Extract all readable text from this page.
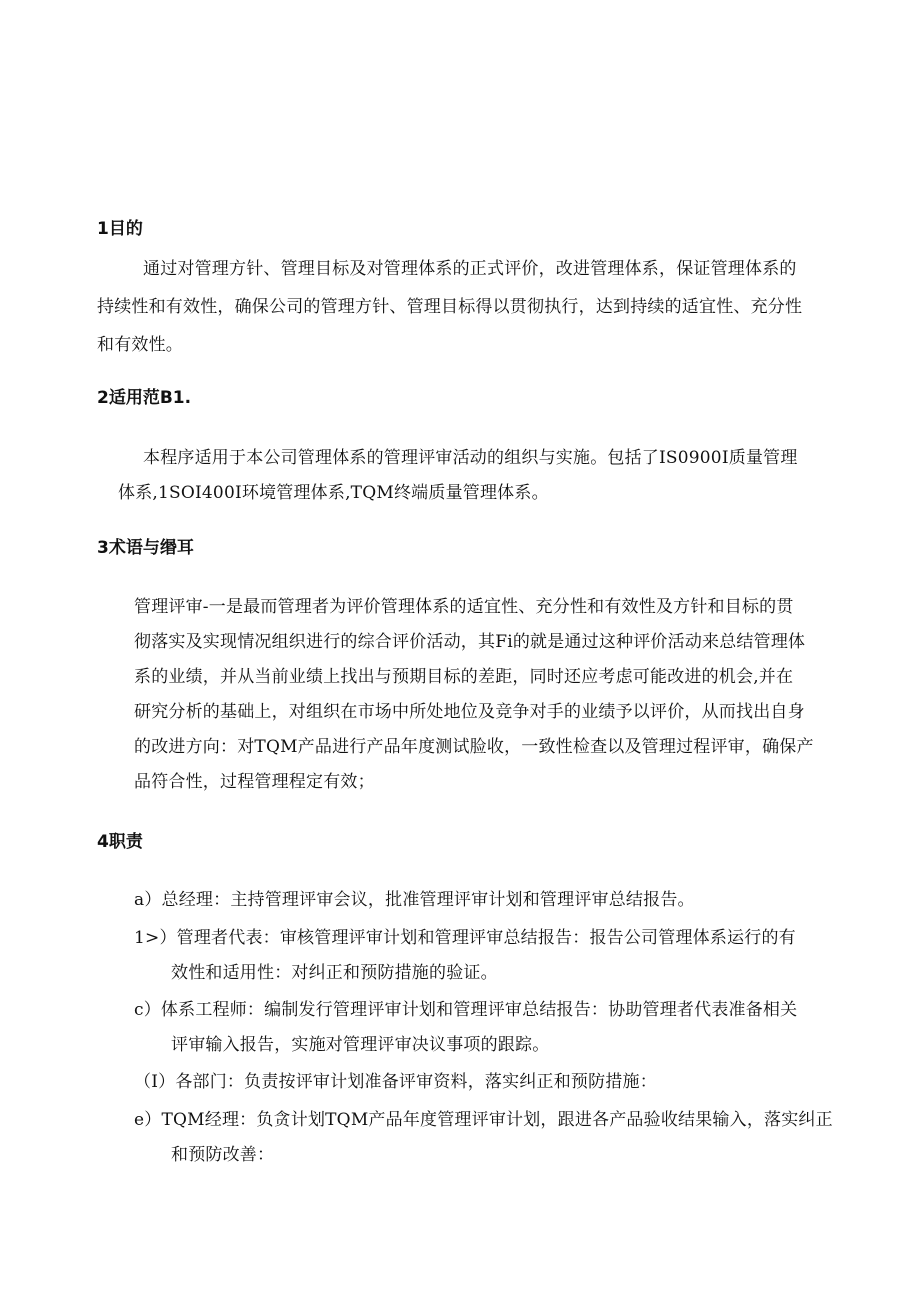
1目的
通过对管理方针、管理目标及对管理体系的正式评价，改进管理体系，保证管理体系的
持续性和有效性，确保公司的管理方针、管理目标得以贯彻执行，达到持续的适宜性、充分性
和有效性。
2适用范B1.
本程序适用于本公司管理体系的管理评审活动的组织与实施。包括了IS0900I质量管理
体系,1SOI400I环境管理体系,TQM终端质量管理体系。
3术语与缗耳
管理评审-一是最而管理者为评价管理体系的适宜性、充分性和有效性及方针和目标的贯
彻落实及实现情况组织进行的综合评价活动，其Fi的就是通过这种评价活动来总结管理体
系的业绩，并从当前业绩上找出与预期目标的差距，同时还应考虑可能改进的机会,并在
研究分析的基础上，对组织在市场中所处地位及竞争对手的业绩予以评价，从而找出自身
的改进方向：对TQM产品进行产品年度测试脸收，一致性检查以及管理过程评审，确保产
品符合性，过程管理程定有效；
4职责
a）总经理：主持管理评审会议，批准管理评审计划和管理评审总结报告。
1>）管理者代表：审核管理评审计划和管理评审总结报告：报告公司管理体系运行的有
效性和适用性：对纠正和预防措施的验证。
c）体系工程师：编制发行管理评审计划和管理评审总结报告：协助管理者代表准备相关
评审输入报告，实施对管理评审决议事项的跟踪。
（I）各部门：负责按评审计划准备评审资料，落实纠正和预防措施：
e）TQM经理：负贪计划TQM产品年度管理评审计划，跟进各产品验收结果输入，落实纠正
和预防改善：
